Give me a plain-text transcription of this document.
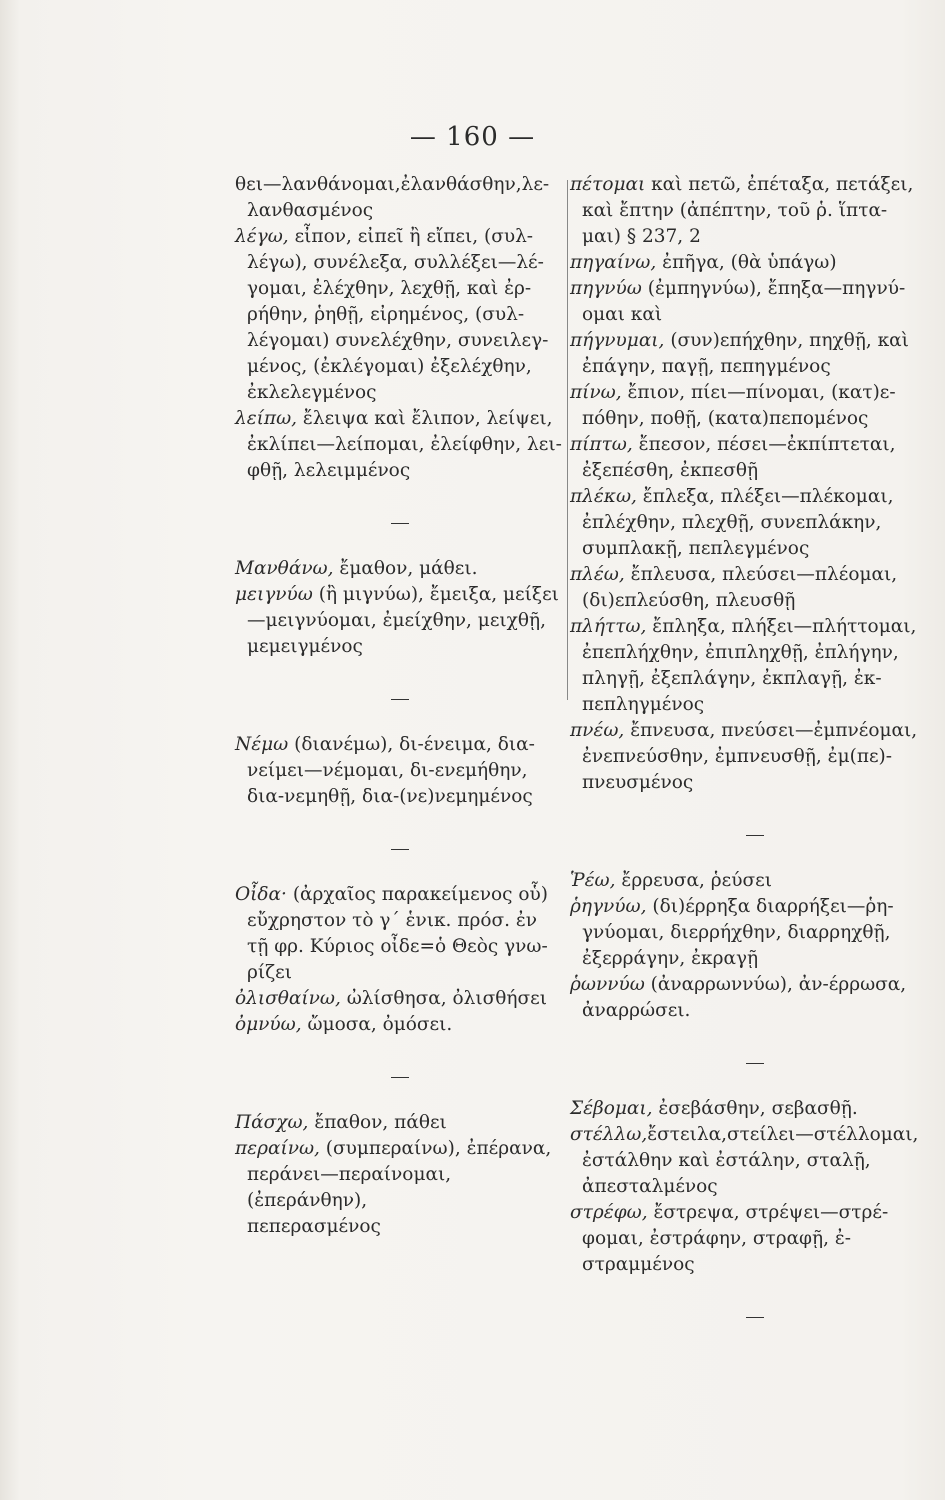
— 160 —
θει—λανθάνομαι,ἐλανθάσθην,λε-
λανθασμένος
λέγω, εἶπον, εἰπεῖ ἢ εἴπει, (συλ-
λέγω), συνέλεξα, συλλέξει—λέ-
γομαι, ἐλέχθην, λεχθῇ, καὶ ἐρ-
ρήθην, ῥηθῇ, εἰρημένος, (συλ-
λέγομαι) συνελέχθην, συνειλεγ-
μένος, (ἐκλέγομαι) ἐξελέχθην,
ἐκλελεγμένος
λείπω, ἔλειψα καὶ ἔλιπον, λείψει,
ἐκλίπει—λείπομαι, ἐλείφθην, λει-
φθῇ, λελειμμένος
Μανθάνω, ἔμαθον, μάθει.
μειγνύω (ἢ μιγνύω), ἔμειξα, μείξει
—μειγνύομαι, ἐμείχθην, μειχθῇ,
μεμειγμένος
Νέμω (διανέμω), δι-ένειμα, δια-
νείμει—νέμομαι, δι-ενεμήθην,
δια-νεμηθῇ, δια-(νε)νεμημένος
Οἶδα· (ἀρχαῖος παρακείμενος οὗ)
εὔχρηστον τὸ γ΄ ἑνικ. πρόσ. ἐν
τῇ φρ. Κύριος οἶδε=ὁ Θεὸς γνω-
ρίζει
ὀλισθαίνω, ὠλίσθησα, ὀλισθήσει
ὀμνύω, ὤμοσα, ὀμόσει.
Πάσχω, ἔπαθον, πάθει
περαίνω, (συμπεραίνω), ἐπέρανα,
περάνει—περαίνομαι,(ἐπεράνθην),
πεπερασμένος
πέτομαι καὶ πετῶ, ἐπέταξα, πετάξει,
καὶ ἔπτην (ἀπέπτην, τοῦ ῥ. ἵπτα-
μαι) § 237, 2
πηγαίνω, ἐπῆγα, (θὰ ὑπάγω)
πηγνύω (ἐμπηγνύω), ἔπηξα—πηγνύ-
ομαι καὶ
πήγνυμαι, (συν)επήχθην, πηχθῇ, καὶ
ἐπάγην, παγῇ, πεπηγμένος
πίνω, ἔπιον, πίει—πίνομαι, (κατ)ε-
πόθην, ποθῇ, (κατα)πεπομένος
πίπτω, ἔπεσον, πέσει—ἐκπίπτεται,
ἐξεπέσθη, ἐκπεσθῇ
πλέκω, ἔπλεξα, πλέξει—πλέκομαι,
ἐπλέχθην, πλεχθῇ, συνεπλάκην,
συμπλακῇ, πεπλεγμένος
πλέω, ἔπλευσα, πλεύσει—πλέομαι,
(δι)επλεύσθη, πλευσθῇ
πλήττω, ἔπληξα, πλήξει—πλήττομαι,
ἐπεπλήχθην, ἐπιπληχθῇ, ἐπλήγην,
πληγῇ, ἐξεπλάγην, ἐκπλαγῇ, ἐκ-
πεπληγμένος
πνέω, ἔπνευσα, πνεύσει—ἐμπνέομαι,
ἐνεπνεύσθην, ἐμπνευσθῇ, ἐμ(πε)-
πνευσμένος
Ῥέω, ἔρρευσα, ῥεύσει
ῥηγνύω, (δι)έρρηξα διαρρήξει—ῥη-
γνύομαι, διερρήχθην, διαρρηχθῇ,
ἐξερράγην, ἐκραγῇ
ῥωννύω (ἀναρρωννύω), ἀν-έρρωσα,
ἀναρρώσει.
Σέβομαι, ἐσεβάσθην, σεβασθῇ.
στέλλω,ἔστειλα,στείλει—στέλλομαι,
ἐστάλθην καὶ ἐστάλην, σταλῇ,
ἀπεσταλμένος
στρέφω, ἔστρεψα, στρέψει—στρέ-
φομαι, ἐστράφην, στραφῇ, ἐ-
στραμμένος
